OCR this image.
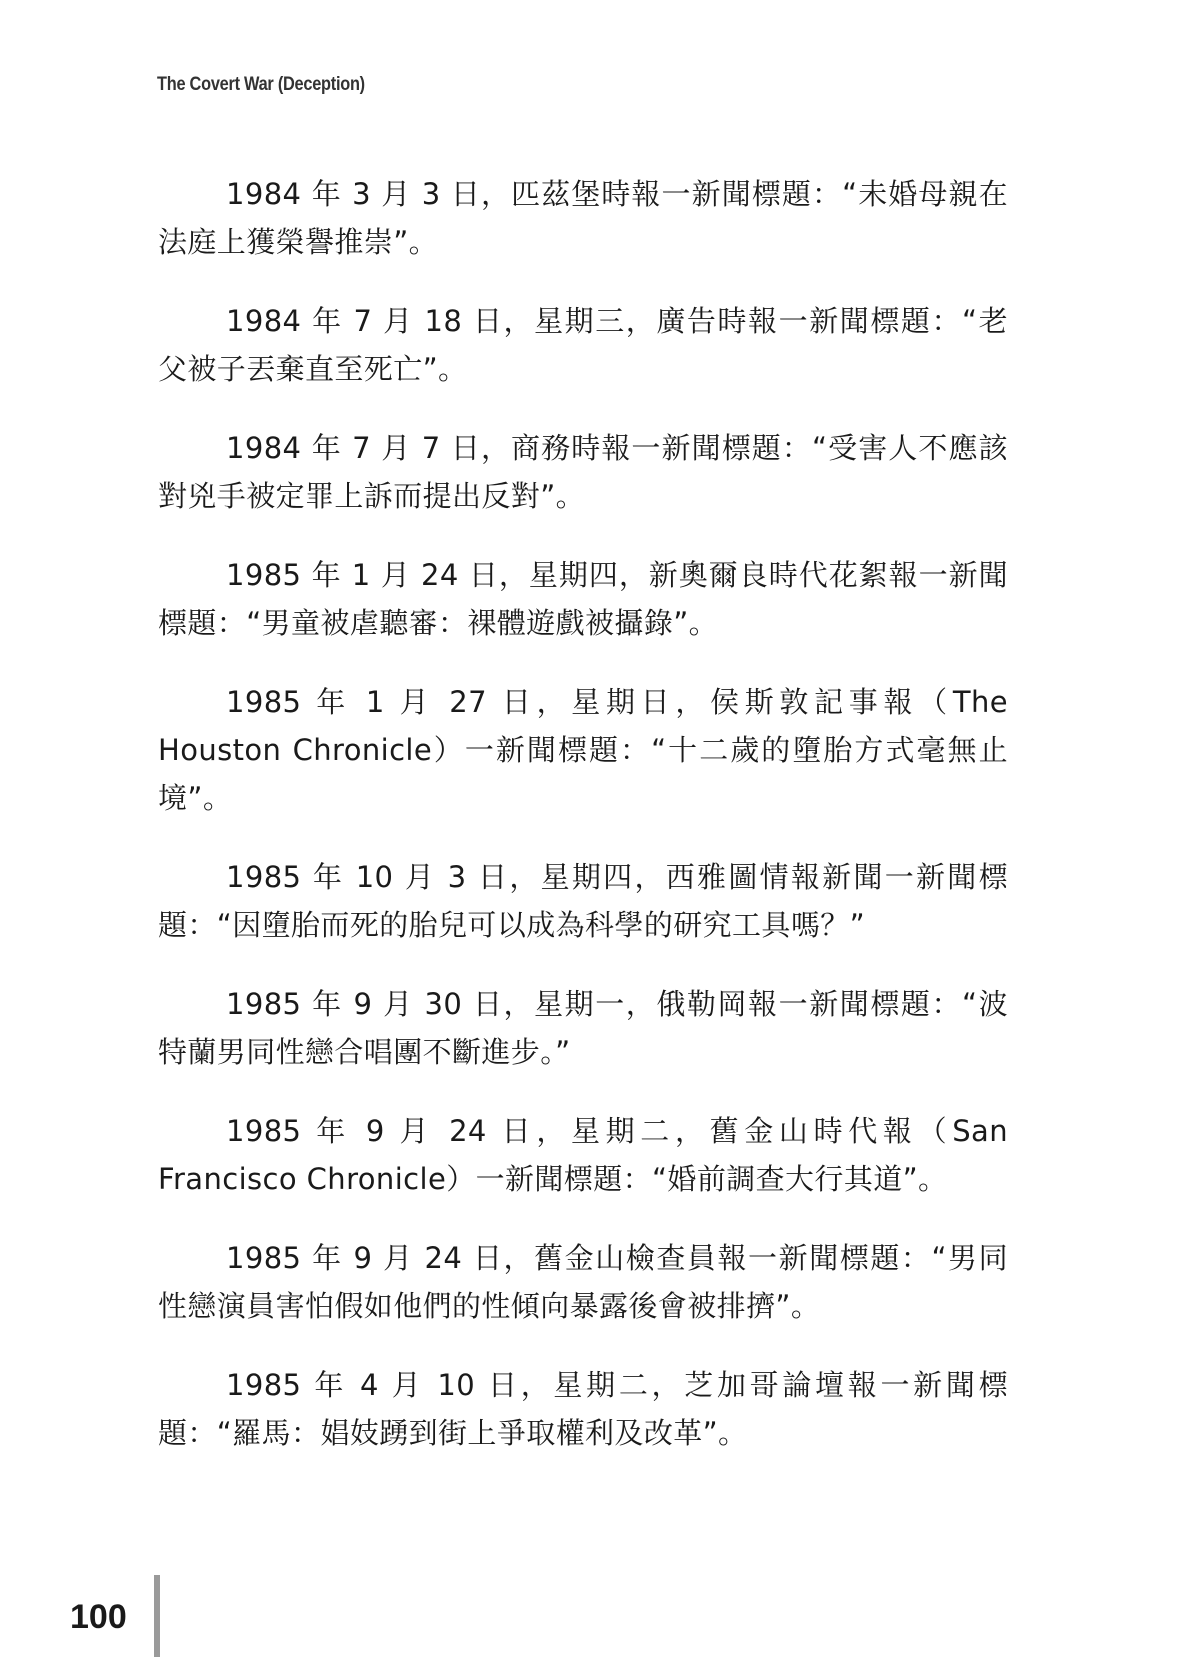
The Covert War (Deception)

1984 年 3 月 3 日，匹茲堡時報一新聞標題：“未婚母親在法庭上獲榮譽推崇”。

1984 年 7 月 18 日，星期三，廣告時報一新聞標題：“老父被子丟棄直至死亡”。

1984 年 7 月 7 日，商務時報一新聞標題：“受害人不應該對兇手被定罪上訴而提出反對”。

1985 年 1 月 24 日，星期四，新奧爾良時代花絮報一新聞標題：“男童被虐聽審：裸體遊戲被攝錄”。

1985 年 1 月 27 日，星期日，侯斯敦記事報（The Houston Chronicle）一新聞標題：“十二歲的墮胎方式毫無止境”。

1985 年 10 月 3 日，星期四，西雅圖情報新聞一新聞標題：“因墮胎而死的胎兒可以成為科學的研究工具嗎？”

1985 年 9 月 30 日，星期一，俄勒岡報一新聞標題：“波特蘭男同性戀合唱團不斷進步。”

1985 年 9 月 24 日，星期二，舊金山時代報（San Francisco Chronicle）一新聞標題：“婚前調查大行其道”。

1985 年 9 月 24 日，舊金山檢查員報一新聞標題：“男同性戀演員害怕假如他們的性傾向暴露後會被排擠”。

1985 年 4 月 10 日，星期二，芝加哥論壇報一新聞標題：“羅馬：娼妓踴到街上爭取權利及改革”。

100
